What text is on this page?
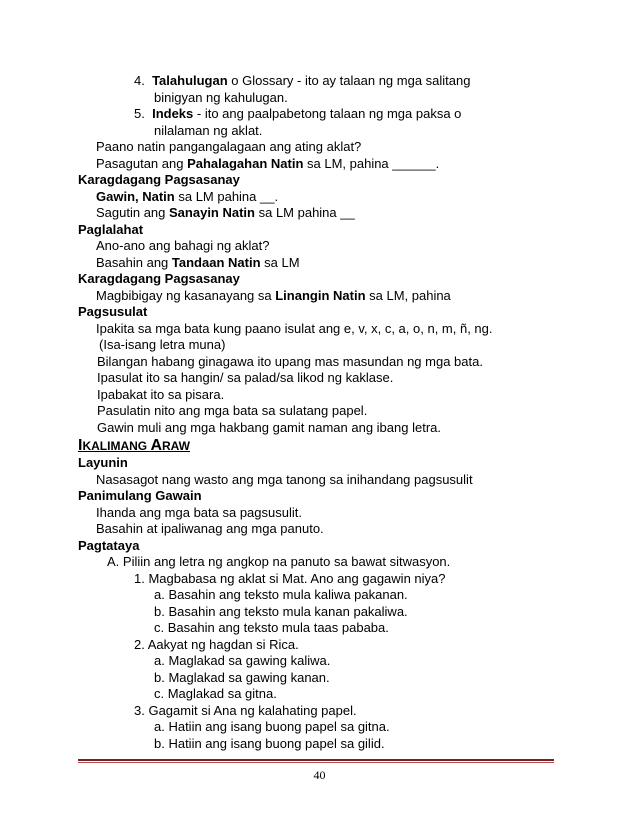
4. Talahulugan o Glossary - ito ay talaan ng mga salitang
binigyan ng kahulugan.
5. Indeks - ito ang paalpabetong talaan ng mga paksa o
nilalaman ng aklat.
Paano natin pangangalagaan ang ating aklat?
Pasagutan ang Pahalagahan Natin sa LM, pahina ______.
Karagdagang Pagsasanay
Gawin, Natin sa LM pahina __.
Sagutin ang Sanayin Natin sa LM pahina __
Paglalahat
Ano-ano ang bahagi ng aklat?
Basahin ang Tandaan Natin sa LM
Karagdagang Pagsasanay
Magbibigay ng kasanayang sa Linangin Natin sa LM, pahina
Pagsusulat
Ipakita sa mga bata kung paano isulat ang e, v, x, c, a, o, n, m, ñ, ng.
(Isa-isang letra muna)
Bilangan habang ginagawa ito upang mas masundan ng mga bata.
Ipasulat ito sa hangin/ sa palad/sa likod ng kaklase.
Ipabakat ito sa pisara.
Pasulatin nito ang mga bata sa sulatang papel.
Gawin muli ang mga hakbang gamit naman ang ibang letra.
IKALIMANG ARAW
Layunin
Nasasagot nang wasto ang mga tanong sa inihandang pagsusulit
Panimulang Gawain
Ihanda ang mga bata sa pagsusulit.
Basahin at ipaliwanag ang mga panuto.
Pagtataya
A. Piliin ang letra ng angkop na panuto sa bawat sitwasyon.
1. Magbabasa ng aklat si Mat. Ano ang gagawin niya?
a. Basahin ang teksto mula kaliwa pakanan.
b. Basahin ang teksto mula kanan pakaliwa.
c. Basahin ang teksto mula taas pababa.
2. Aakyat ng hagdan si Rica.
a. Maglakad sa gawing kaliwa.
b. Maglakad sa gawing kanan.
c. Maglakad sa gitna.
3. Gagamit si Ana ng kalahating papel.
a. Hatiin ang isang buong papel sa gitna.
b. Hatiin ang isang buong papel sa gilid.
40
